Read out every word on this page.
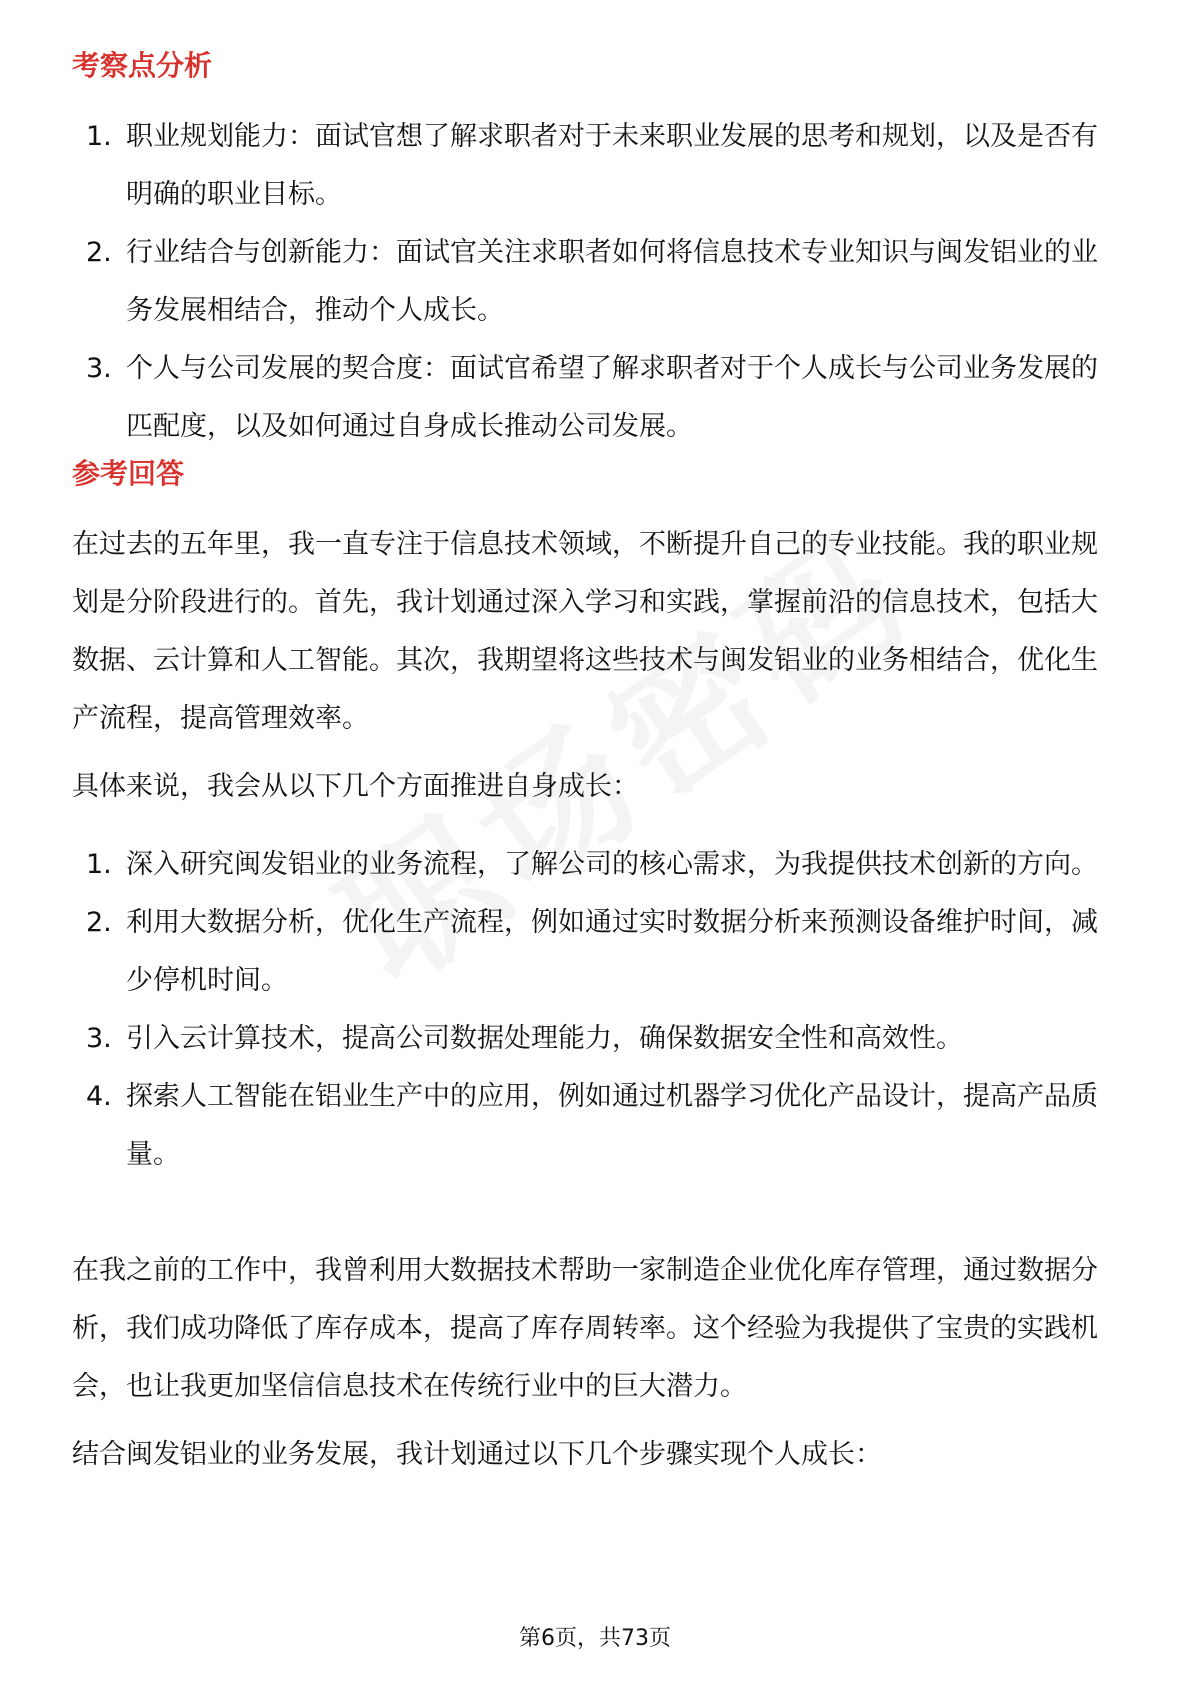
考察点分析
1. 职业规划能力：面试官想了解求职者对于未来职业发展的思考和规划，以及是否有明确的职业目标。
2. 行业结合与创新能力：面试官关注求职者如何将信息技术专业知识与闽发铝业的业务发展相结合，推动个人成长。
3. 个人与公司发展的契合度：面试官希望了解求职者对于个人成长与公司业务发展的匹配度，以及如何通过自身成长推动公司发展。
参考回答

在过去的五年里，我一直专注于信息技术领域，不断提升自己的专业技能。我的职业规划是分阶段进行的。首先，我计划通过深入学习和实践，掌握前沿的信息技术，包括大数据、云计算和人工智能。其次，我期望将这些技术与闽发铝业的业务相结合，优化生产流程，提高管理效率。

具体来说，我会从以下几个方面推进自身成长：

1. 深入研究闽发铝业的业务流程，了解公司的核心需求，为我提供技术创新的方向。
2. 利用大数据分析，优化生产流程，例如通过实时数据分析来预测设备维护时间，减少停机时间。
3. 引入云计算技术，提高公司数据处理能力，确保数据安全性和高效性。
4. 探索人工智能在铝业生产中的应用，例如通过机器学习优化产品设计，提高产品质量。

在我之前的工作中，我曾利用大数据技术帮助一家制造企业优化库存管理，通过数据分析，我们成功降低了库存成本，提高了库存周转率。这个经验为我提供了宝贵的实践机会，也让我更加坚信信息技术在传统行业中的巨大潜力。

结合闽发铝业的业务发展，我计划通过以下几个步骤实现个人成长：

第6页，共73页
